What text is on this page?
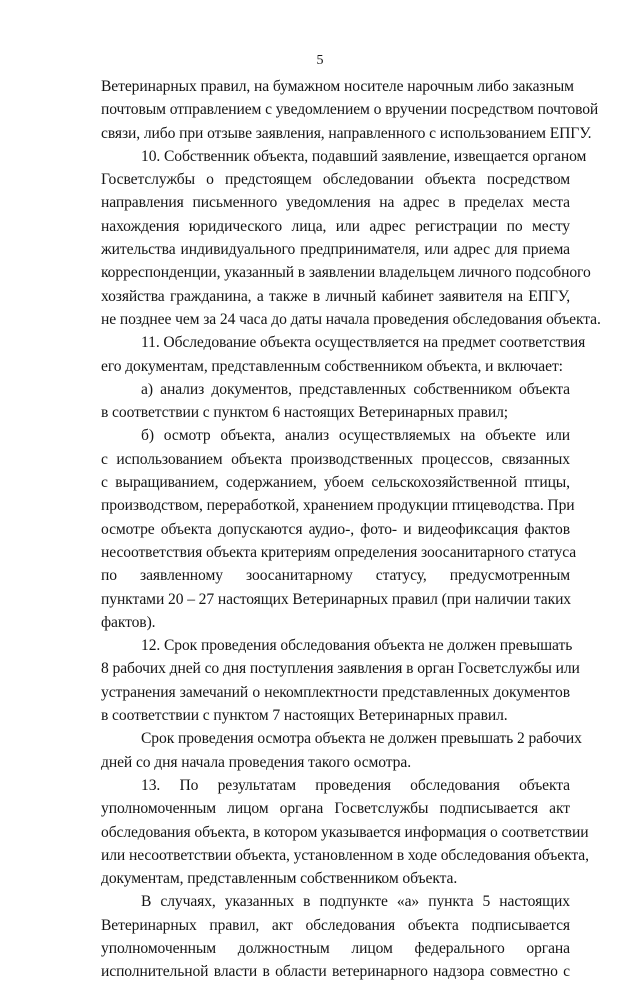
5
Ветеринарных правил, на бумажном носителе нарочным либо заказным
почтовым отправлением с уведомлением о вручении посредством почтовой
связи, либо при отзыве заявления, направленного с использованием ЕПГУ.
10. Собственник объекта, подавший заявление, извещается органом
Госветслужбы о предстоящем обследовании объекта посредством
направления письменного уведомления на адрес в пределах места
нахождения юридического лица, или адрес регистрации по месту
жительства индивидуального предпринимателя, или адрес для приема
корреспонденции, указанный в заявлении владельцем личного подсобного
хозяйства гражданина, а также в личный кабинет заявителя на ЕПГУ,
не позднее чем за 24 часа до даты начала проведения обследования объекта.
11. Обследование объекта осуществляется на предмет соответствия
его документам, представленным собственником объекта, и включает:
а) анализ документов, представленных собственником объекта
в соответствии с пунктом 6 настоящих Ветеринарных правил;
б) осмотр объекта, анализ осуществляемых на объекте или
с использованием объекта производственных процессов, связанных
с выращиванием, содержанием, убоем сельскохозяйственной птицы,
производством, переработкой, хранением продукции птицеводства. При
осмотре объекта допускаются аудио-, фото- и видеофиксация фактов
несоответствия объекта критериям определения зоосанитарного статуса
по заявленному зоосанитарному статусу, предусмотренным
пунктами 20 – 27 настоящих Ветеринарных правил (при наличии таких
фактов).
12. Срок проведения обследования объекта не должен превышать
8 рабочих дней со дня поступления заявления в орган Госветслужбы или
устранения замечаний о некомплектности представленных документов
в соответствии с пунктом 7 настоящих Ветеринарных правил.
Срок проведения осмотра объекта не должен превышать 2 рабочих
дней со дня начала проведения такого осмотра.
13. По результатам проведения обследования объекта
уполномоченным лицом органа Госветслужбы подписывается акт
обследования объекта, в котором указывается информация о соответствии
или несоответствии объекта, установленном в ходе обследования объекта,
документам, представленным собственником объекта.
В случаях, указанных в подпункте «а» пункта 5 настоящих
Ветеринарных правил, акт обследования объекта подписывается
уполномоченным должностным лицом федерального органа
исполнительной власти в области ветеринарного надзора совместно с
